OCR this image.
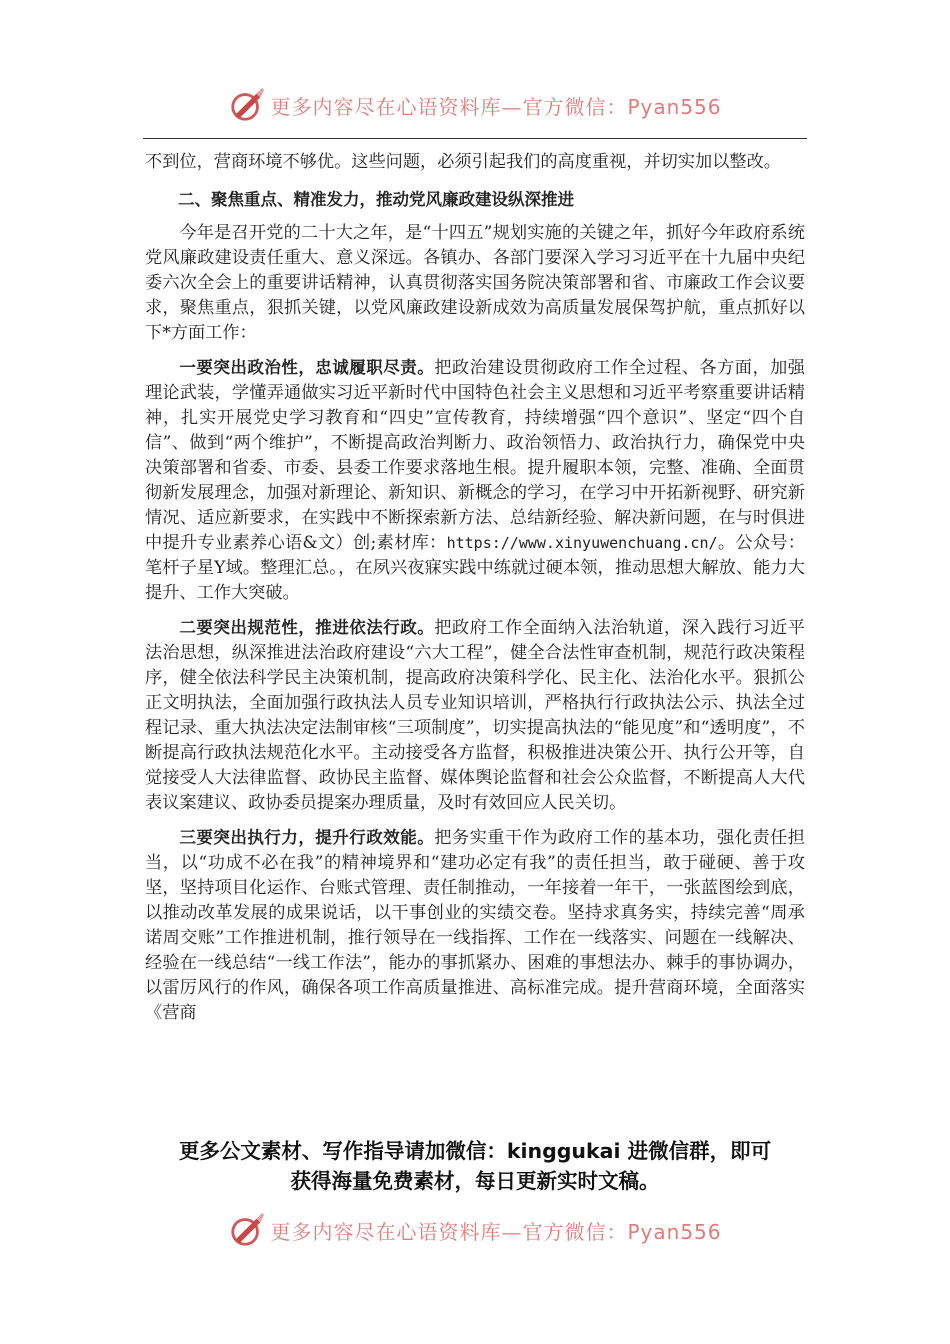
更多内容尽在心语资料库—官方微信：Pyan556

不到位，营商环境不够优。这些问题，必须引起我们的高度重视，并切实加以整改。

二、聚焦重点、精准发力，推动党风廉政建设纵深推进

今年是召开党的二十大之年，是“十四五”规划实施的关键之年，抓好今年政府系统党风廉政建设责任重大、意义深远。各镇办、各部门要深入学习习近平在十九届中央纪委六次全会上的重要讲话精神，认真贯彻落实国务院决策部署和省、市廉政工作会议要求，聚焦重点，狠抓关键，以党风廉政建设新成效为高质量发展保驾护航，重点抓好以下*方面工作：

一要突出政治性，忠诚履职尽责。把政治建设贯彻政府工作全过程、各方面，加强理论武装，学懂弄通做实习近平新时代中国特色社会主义思想和习近平考察重要讲话精神，扎实开展党史学习教育和“四史”宣传教育，持续增强“四个意识”、坚定“四个自信”、做到“两个维护”，不断提高政治判断力、政治领悟力、政治执行力，确保党中央决策部署和省委、市委、县委工作要求落地生根。提升履职本领，完整、准确、全面贯彻新发展理念，加强对新理论、新知识、新概念的学习，在学习中开拓新视野、研究新情况、适应新要求，在实践中不断探索新方法、总结新经验、解决新问题，在与时俱进中提升专业素养心语&文）创;素材库：https://www.xinyuwenchuang.cn/。公众号：笔杆子星Y域。整理汇总。，在夙兴夜寐实践中练就过硬本领，推动思想大解放、能力大提升、工作大突破。

二要突出规范性，推进依法行政。把政府工作全面纳入法治轨道，深入践行习近平法治思想，纵深推进法治政府建设“六大工程”，健全合法性审查机制，规范行政决策程序，健全依法科学民主决策机制，提高政府决策科学化、民主化、法治化水平。狠抓公正文明执法，全面加强行政执法人员专业知识培训，严格执行行政执法公示、执法全过程记录、重大执法决定法制审核“三项制度”，切实提高执法的“能见度”和“透明度”，不断提高行政执法规范化水平。主动接受各方监督，积极推进决策公开、执行公开等，自觉接受人大法律监督、政协民主监督、媒体舆论监督和社会公众监督，不断提高人大代表议案建议、政协委员提案办理质量，及时有效回应人民关切。

三要突出执行力，提升行政效能。把务实重干作为政府工作的基本功，强化责任担当，以“功成不必在我”的精神境界和“建功必定有我”的责任担当，敢于碰硬、善于攻坚，坚持项目化运作、台账式管理、责任制推动，一年接着一年干，一张蓝图绘到底，以推动改革发展的成果说话，以干事创业的实绩交卷。坚持求真务实，持续完善“周承诺周交账”工作推进机制，推行领导在一线指挥、工作在一线落实、问题在一线解决、经验在一线总结“一线工作法”，能办的事抓紧办、困难的事想法办、棘手的事协调办，以雷厉风行的作风，确保各项工作高质量推进、高标准完成。提升营商环境，全面落实《营商

更多公文素材、写作指导请加微信：kinggukai 进微信群，即可
获得海量免费素材，每日更新实时文稿。
更多内容尽在心语资料库—官方微信：Pyan556
